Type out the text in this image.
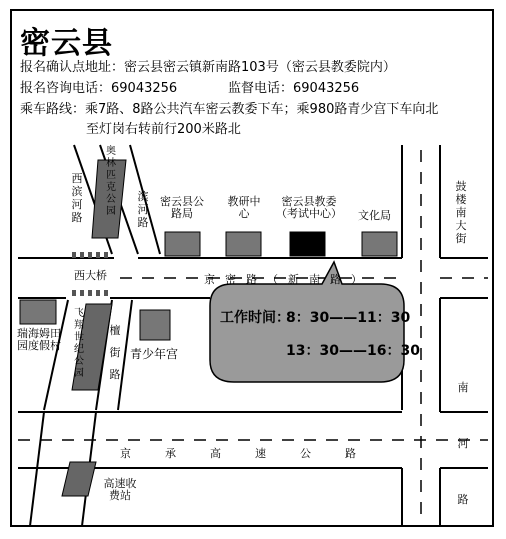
密云县
报名确认点地址：密云县密云镇新南路103号（密云县教委院内）
报名咨询电话：69043256	监督电话：69043256
乘车路线：乘7路、8路公共汽车密云教委下车；乘980路青少宫下车向北
至灯岗右转前行200米路北
西滨河路
奥林匹克公园
滨河路
密云县公路局
教研中心
密云县教委（考试中心）	文化局
鼓楼南大街
西大桥	京密路（新南路）
瑞海姆田园度假村
飞翔世纪公园
檀街路
青少年宫
工作时间：
8：30——11：30
13：30——16：30
南河路
京承高速公路
高速收费站
